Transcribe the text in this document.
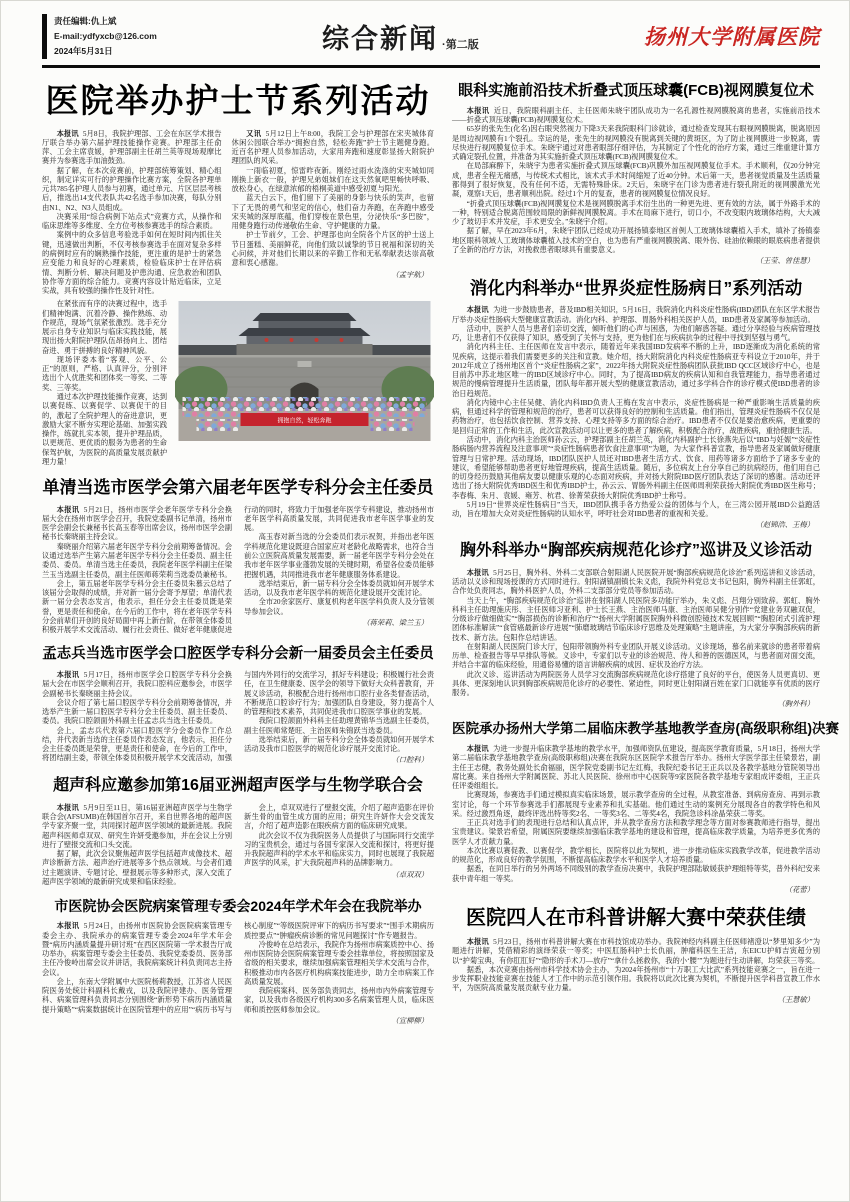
责任编辑:仇上斌
E-mail:ydfyxcb@126.com
2024年5月31日	综合新闻 ·第二版	扬州大学附属医院
医院举办护士节系列活动

本报讯 5月8日，我院护理部、工会在东区学术报告厅联合举办第六届护理技能操作竞赛。护理部主任俞萍、工会主席袁媛，护理部副主任胡兰英等现场观摩比赛并为参赛选手加油鼓劲。

据了解，在本次竞赛前，护理部统筹策划、精心组织，制定详实可行的护理操作比赛方案，全院各护理单元共785名护理人员参与初赛，通过单元、片区层层考核后，推选出14支代表队共42名选手参加决赛，每队分别由N1、N2、N3人员组成。

决赛采用“综合病例下站点式”竞赛方式，从操作和临床思维等多维度、全方位考核参赛选手的综合素质。

案例中的众多信息考验选手如何在短时间内抓住关键，迅速做出判断，不仅考核参赛选手在面对复杂多样的病例时应有的娴熟操作技能，更注重的是护士的紧急应变能力和良好的心理素质，检验临床护士在评估病情、判断分析、解决问题及护患沟通、应急救治和团队协作等方面的综合能力。竞赛内容设计贴近临床，立足实战，具有较强的操作性及针对性。

又讯 5月12日上午8:00，我院工会与护理部在宋夹城体育休闲公园联合举办“拥抱自然，轻松奔跑”护士节主题健身跑。近百名护理人员参加活动，大家用奔跑和速度彰显扬大附院护理团队的风采。

一雨临初夏，惊雷昨夜新。刚经过雨水洗涤的宋夹城如同刚换上新衣一般，护理兄弟姐妹们在这天然氧吧里畅快呼吸、放松身心，在绿意浓郁的梧桐美道中感受初夏与阳光。

蓝天白云下，他们留下了美丽的身影与快乐的笑声，也留下了无畏的勇气和坚定的信心，他们奋力奔跑，在奔跑中感受宋夹城的深厚底蕴，他们穿梭在景色里，分泌快乐“多巴胺”，用健身跑行动传递敬佑生命、守护健康的力量。

护士节前夕，工会、护理部也向全院各个片区的护士送上节日蛋糕、美丽鲜花，向他们致以诚挚的节日祝福和深切的关心问候，并对他们长期以来的辛勤工作和无私奉献表达崇高敬意和衷心感谢。

（孟宇航）

在紧张而有序的决赛过程中，选手们精神饱满、沉着冷静、操作熟练、动作规范，现场气氛紧张激烈。选手充分展示自身专业知识与临床实践技能，展现出扬大附院护理队伍昂扬向上、团结奋进、勇于拼搏的良好精神风貌。

现场评委本着“客观、公平、公正”的原则，严格、认真评分，分别评选出个人优胜奖和团体奖一等奖、二等奖、三等奖。

通过本次护理技能操作竞赛，达到以赛促练、以赛促学、以赛促干的目的，激起了全院护理人的奋进意识，更激励大家不断夯实理论基础、加强实践操作，练就扎实本领，提升护理品质，以更规范、更优质的服务为患者的生命保驾护航，为医院的高质量发展贡献护理力量！

拥抱自然，轻松奔跑
单清当选市医学会第六届老年医学专科分会主任委员

本报讯 5月21日，扬州市医学会老年医学专科分会换届大会在扬州市医学会召开，我院党委副书记单清，扬州市医学会副会长兼秘书长高玉春等出席会议，扬州市医学会副秘书长秦晓丽主持会议。

秦晓丽介绍第六届老年医学专科分会前期筹备情况。会议通过选举产生第六届老年医学专科分会主任委员、副主任委员、委员。单清当选主任委员，我院老年医学科副主任梁兰玉当选副主任委员，副主任医师蒋荣莉当选委员兼秘书。

会上，第五届老年医学专科分会主任委员朱慕云总结了该届分会取得的成绩，并对新一届分会寄予厚望；单清代表新一届分会表态发言，他表示，担任分会主任委员既是荣誉，更是责任和使命。在今后的工作中，将在老年医学专科分会前辈们开创的良好局面中再上新台阶，在带领全体委员积极开展学术交流活动、履行社会责任、做好老年健康促进行动的同时，将致力于加强老年医学专科建设，推动扬州市老年医学科高质量发展，共同促进我市老年医学事业的发展。

高玉春对新当选的分会委员们表示祝贺，并指出老年医学科规范化建设既迎合国家应对老龄化战略需求，也符合当前公立医院高质量发展需要，新一届老年医学专科分会处在我市老年医学事业蓬勃发展的关键时期，希望各位委员能够把握机遇，共同推进我市老年健康服务体系建设。

选举结束后，新一届专科分会全体委员就如何开展学术活动，以及我市老年医学科的规范化建设展开交流讨论。

全市20余家医疗、康复机构老年医学科负责人及分管领导参加会议。

（蒋荣莉、梁兰玉）

孟志兵当选市医学会口腔医学专科分会新一届委员会主任委员

本报讯 5月17日，扬州市医学会口腔医学专科分会换届大会在市医学会顺利召开，我院口腔科应邀参会，市医学会副秘书长秦晓丽主持会议。

会议介绍了第七届口腔医学专科分会前期筹备情况，并选举产生新一届口腔医学专科分会主任委员、副主任委员、委员。我院口腔颌面外科副主任孟志兵当选主任委员。

会上，孟志兵代表第六届口腔医学分会委员作工作总结，并代表新当选的主任委员作表态发言，他表示，担任分会主任委员既是荣誉，更是责任和使命，在今后的工作中，将团结副主委，带领全体委员积极开展学术交流活动，加强与国内外同行的交流学习，抓好专科建设；积极履行社会责任，在卫生健康委、医学会的领导下做好大众科普教育，开展义诊活动，积极配合进行扬州市口腔行业各类督查活动，不断规范口腔诊疗行为；加强团队自身建设，努力提高个人的管理和技术素养，共同促进我市口腔医学事业的发展。

我院口腔颌面外科科主任助理黄锦华当选副主任委员，副主任医师常楚旺、主治医师朱锦跃当选委员。

选举结束后，新一届专科分会全体委员就如何开展学术活动及我市口腔医学的规范化诊疗展开交流讨论。

（口腔科）

超声科应邀参加第16届亚洲超声医学与生物学联合会

本报讯 5月9日至11日，第16届亚洲超声医学与生物学联合会(AFSUMB)在韩国首尔召开，来自世界各地的超声医学专家齐聚一堂，共同探讨超声医学领域的最新进展。我院超声科医师卓双双、研究生许妍受邀参加，并在会议上分别进行了壁报交流和口头交流。

据了解，此次会议聚焦超声医学包括超声成像技术、超声诊断新方法、超声治疗进展等多个热点领域。与会者们通过主题演讲、专题讨论、壁报展示等多种形式，深入交流了超声医学领域的最新研究成果和临床经验。

会上，卓双双进行了壁报交流，介绍了超声造影在评价新生骨的血管生成方面的应用；研究生许妍作大会交流发言，介绍了超声造影在眼疾病方面的临床研究成果。

此次会议不仅为我院医务人员提供了与国际同行交流学习的宝贵机会，通过与各国专家深入交流和探讨，将更好提升我院超声科的学术水平和临床实力，同时也展现了我院超声医学的风采，扩大我院超声科的品牌影响力。

（卓双双）

市医院协会医院病案管理专委会2024年学术年会在我院举办

本报讯 5月24日，由扬州市医院协会医院病案管理专委会主办、我院承办的病案管理专委会2024年学术年会暨“病历内涵质量提升研讨班”在西区医院第一学术报告厅成功举办，病案管理专委会主任委员、我院党委委员、医务部主任冷俊岭出席会议并讲话，我院病案统计科负责同志主持会议。

会上，东南大学附属中大医院杨莉教授，江苏省人民医院医务处统计科副科长戴戎，以及我院评建办、医务管理科、病案管理科负责同志分别围绕“新形势下病历内涵质量提升策略”“病案数据统计在医院管理中的应用”“病历书写与核心制度”“等级医院评审下的病历书写要求”“围手术期病历质控要点”“肿瘤疾病诊断的常见问题探讨”作专题报告。

冷俊岭在总结表示，我院作为扬州市病案质控中心、扬州市医院协会医院病案管理专委会挂靠单位，将按照国家及省级的相关要求，继续加强病案管理相关学术交流与合作，积极推动市内各医疗机构病案技能进步，助力全市病案工作高质量发展。

我院病案科、医务部负责同志，扬州市内外病案管理专家，以及我市各级医疗机构300多名病案管理人员，临床医师和质控医师参加会议。

（宣柳柳）

眼科实施前沿技术折叠式顶压球囊(FCB)视网膜复位术

本报讯 近日，我院眼科副主任、主任医师朱晓宇团队成功为一名孔源性视网膜脱离的患者，实施前沿技术——折叠式顶压球囊(FCB)视网膜复位术。

65岁的张先生(化名)因右眼突然视力下降3天来我院眼科门诊就诊，通过检查发现其右眼视网膜脱离，脱离原因是周边视网膜有1个裂孔。幸运的是，张先生的视网膜没有脱离到关键的黄斑区，为了防止视网膜进一步脱离，需尽快进行视网膜复位手术。朱晓宇通过对患者眼部仔细评估，为其制定了个性化的治疗方案，通过三维重建计算方式确定裂孔位置，并准备为其实施折叠式顶压球囊(FCB)视网膜复位术。

在局部麻醉下，朱晓宇为患者实施折叠式顶压球囊(FCB)巩膜外加压视网膜复位手术。手术顺利，仅20分钟完成，患者全程无痛感，与传统术式相比，该术式手术时间缩短了近40分钟。术后第一天，患者视觉质量及生活质量都得到了很好恢复，没有任何不适，无需特殊卧床。2天后，朱晓宇在门诊为患者进行裂孔附近的视网膜激光光凝，观察1天后，患者顺利出院。经过1个月的复查，患者的视网膜复位情况良好。

“折叠式顶压球囊(FCB)视网膜复位术是视网膜脱离手术衍生出的一种更先进、更有效的方法，属于外路手术的一种，特别适合脱离范围较局限的新鲜视网膜脱离。手术在局麻下进行，切口小，不改变眼内玻璃体结构，大大减少了玻切手术并发症，手术更安全。”朱晓宇介绍。

据了解，早在2023年6月，朱晓宇团队已经成功开展扬镇泰地区首例人工玻璃体球囊植入手术，填补了扬镇泰地区眼科领域人工玻璃体球囊植入技术的空白，也为患有严重视网膜脱离、眼外伤、硅油依赖眼的眼底病患者提供了全新的治疗方法，对挽救患者眼球具有重要意义。

（王莹、曾佳慧）

消化内科举办“世界炎症性肠病日”系列活动

本报讯 为进一步鼓励患者，普及IBD相关知识，5月16日，我院消化内科炎症性肠病(IBD)团队在东区学术报告厅举办炎症性肠病大型健康宣教活动。消化内科、护理部、胃肠外科相关医护人员，IBD患者及家属等参加活动。

活动中，医护人员与患者们亲切交流，倾听他们的心声与困惑，为他们解惑答疑。通过分享经验与疾病管理技巧，让患者们不仅获得了知识，感受到了关怀与支持，更为他们在与疾病抗争的过程中寻找到坚强与勇气。

消化内科主任、主任医师在发言中表示，随着近年来我国IBD发病率不断的上升，IBD逐渐成为消化系统的常见疾病，这提示着我们需要更多的关注和宣教。她介绍，扬大附院消化内科炎症性肠病亚专科设立于2010年，并于2012年成立了扬州地区首个“炎症性肠病之家”，2022年扬大附院炎症性肠病团队获批IBD QCC区域诊疗中心，也是目前苏中苏北地区唯一的IBD区域诊疗中心。同时，为了提高IBD病友的疾病认知和自我管理能力，指导患者通过规范的慢病管理提升生活质量，团队每年都开展大型的健康宣教活动，通过多学科合作的诊疗模式使IBD患者的诊治日趋规范。

消化内镜中心主任吴健、消化内科IBD负责人王梅在发言中表示，炎症性肠病是一种严重影响生活质量的疾病，但通过科学的管理和规范的治疗，患者可以获得良好的控制和生活质量。他们指出，管理炎症性肠病不仅仅是药物治疗，也包括饮食控制、营养支持、心理支持等多方面的综合治疗。IBD患者不仅仅是要治愈疾病，更重要的是回归正常的工作和生活，此次宣教活动可以让更多的患者了解疾病，积极配合治疗，战胜疾病，重拾健康生活。

活动中，消化内科主治医师孙云云，护理部副主任胡兰英，消化内科副护士长徐燕先后以“IBD与妊娠”“炎症性肠病肠内营养流程及注意事项”“炎症性肠病患者饮食注意事项”为题，为大家作科普宣教，指导患者及家属做好健康管理与日常护理。活动现场，IBD团队医护人员还对IBD患者生活方式、饮食、用药等诸多方面给予了诸多专业的建议，希望能够帮助患者更好地管理疾病，提高生活质量。随后，多位病友上台分享自己的抗病经历，他们用自己的切身经历鼓励其他病友要以健康乐观的心态面对疾病，并对扬大附院IBD医疗团队表达了深切的感谢。活动还评选出了扬大附院优秀IBD医生和优秀IBD护士，孙云云、胃肠外科副主任医师周利荣获扬大附院优秀IBD医生称号；李春梅、朱月、袁媛、雍芳、杭君、徐菁荣获扬大附院优秀IBD护士称号。

5月19日“世界炎症性肠病日”当天，IBD团队携手各方热爱公益的团体与个人，在三湾公园开展IBD公益跑活动，旨在增加大众对炎症性肠病的认知水平，呼吁社会对IBD患者的重视和关爱。

（赵锦浩、王梅）

胸外科举办“胸部疾病规范化诊疗”巡讲及义诊活动

本报讯 5月25日，胸外科、外科二支部联合射阳湖人民医院开展“胸部疾病规范化诊治”系列巡讲和义诊活动，活动以义诊和现场授课的方式同时进行。射阳湖镇副镇长朱义彪，我院外科党总支书记包阳，胸外科副主任郭虹，合作处负责同志，胸外科医护人员，外科二支部部分党员等参加活动。

当天上午，“胸部疾病规范化诊治”巡讲在射阳湖人民医院多功能厅举办，朱义彪、吕翔分别致辞。郭虹、胸外科科主任助理施庆彤、主任医师习亚利、护士长王燕、主治医师马康、主治医师吴健分别作“党建业务双融双促，分级诊疗做细做实”“胸部损伤的诊断和治疗”“扬州大学附属医院胸外科微创腔镜技术发展回顾”“胸腔闭式引流护理团体标准解读”“食管癌最新诊疗进展”“肺磨玻璃结节临床诊疗思维及处理策略”主题讲座，为大家分享胸部疾病的新技术、新方法。包阳作总结讲话。

在射阳湖人民医院门诊大厅，包阳带领胸外科专业团队开展义诊活动。义诊现场，慕名前来就诊的患者带着病历单、检查报告等早早排队等候。义诊中，专家们以专业的诊治规范、待人和善的医德医风，与患者面对面交流，并结合丰富的临床经验，用通俗易懂的语言讲解疾病的成因、症状及治疗方法。

此次义诊、巡讲活动为两院医务人员学习交流胸部疾病规范化诊疗搭建了良好的平台，使医务人员更真切、更具体、更深刻地认识到胸部疾病规范化诊疗的必要性、紧迫性，同时更让射阳湖百姓在家门口就能享有优质的医疗服务。

（胸外科）

医院承办扬州大学第二届临床教学基地教学查房(高级职称组)决赛

本报讯 为进一步提升临床教学基地的教学水平，加强师资队伍建设，提高医学教育质量，5月18日，扬州大学第二届临床教学基地教学查房(高级职称组)决赛在我院东区医院学术报告厅举办。扬州大学医学部主任梁景岩，副主任王志健，教务处副处长俞福丽，医学院党委副书记左红梅，我院纪委书记王正兵以及各教学基地分管院领导出席比赛。来自扬州大学附属医院、苏北人民医院、徐州市中心医院等9家医院各教学基地专家组成评委组，王正兵任评委组组长。

比赛现场，参赛选手们通过模拟真实临床场景，展示教学查房的全过程，从教室准备、到病房查房、再到示教室讨论，每一个环节参赛选手们都展现专业素养和扎实基础。他们通过生动的案例充分展现各自的教学特色和风采。经过激烈角逐，最终评选出特等奖2名、一等奖3名、二等奖4名，我院急诊科凃晶荣获二等奖。

王正兵对选手们的表现进行总结和认真点评，并从教学查房方法和教学理念等方面对参赛教师进行指导，提出宝贵建议。梁景岩希望，附属医院要继续加强临床教学基地的建设和管理，提高临床教学质量，为培养更多优秀的医学人才贡献力量。

本次比赛以赛促教、以赛促学，教学相长，医院将以此为契机，进一步推动临床实践教学改革，促进教学活动的规范化，形成良好的教学氛围，不断提高临床教学水平和医学人才培养质量。

据悉，在同日举行的另外两场不同级别的教学查房决赛中，我院护理部陆敏媛获护理组特等奖，普外科纪安来获中青年组一等奖。

（花蕾）

医院四人在市科普讲解大赛中荣获佳绩

本报讯 5月23日，扬州市科普讲解大赛在市科技馆成功举办。我院神经内科副主任医师褚澄以“梦里知多少”为题进行讲解，凭借精彩的演绎荣获一等奖；中医肛肠科护士长仇丽，肿瘤科医生王洁，东EICU护师吉寅超分别以“护菊宝典，有你肛肛好”“隐形的手术刀—放疗”“拿什么拯救你，我的小‘腰’”为题进行生动讲解，均荣获三等奖。

据悉，本次竞赛由扬州市科学技术协会主办，为2024年扬州市“十万职工大比武”系列技能竞赛之一，旨在进一步发挥职业技能竞赛在技能人才工作中的示范引领作用。我院将以此次比赛为契机，不断提升医学科普宣教工作水平，为医院高质量发展贡献专业力量。

（王慧敏）
